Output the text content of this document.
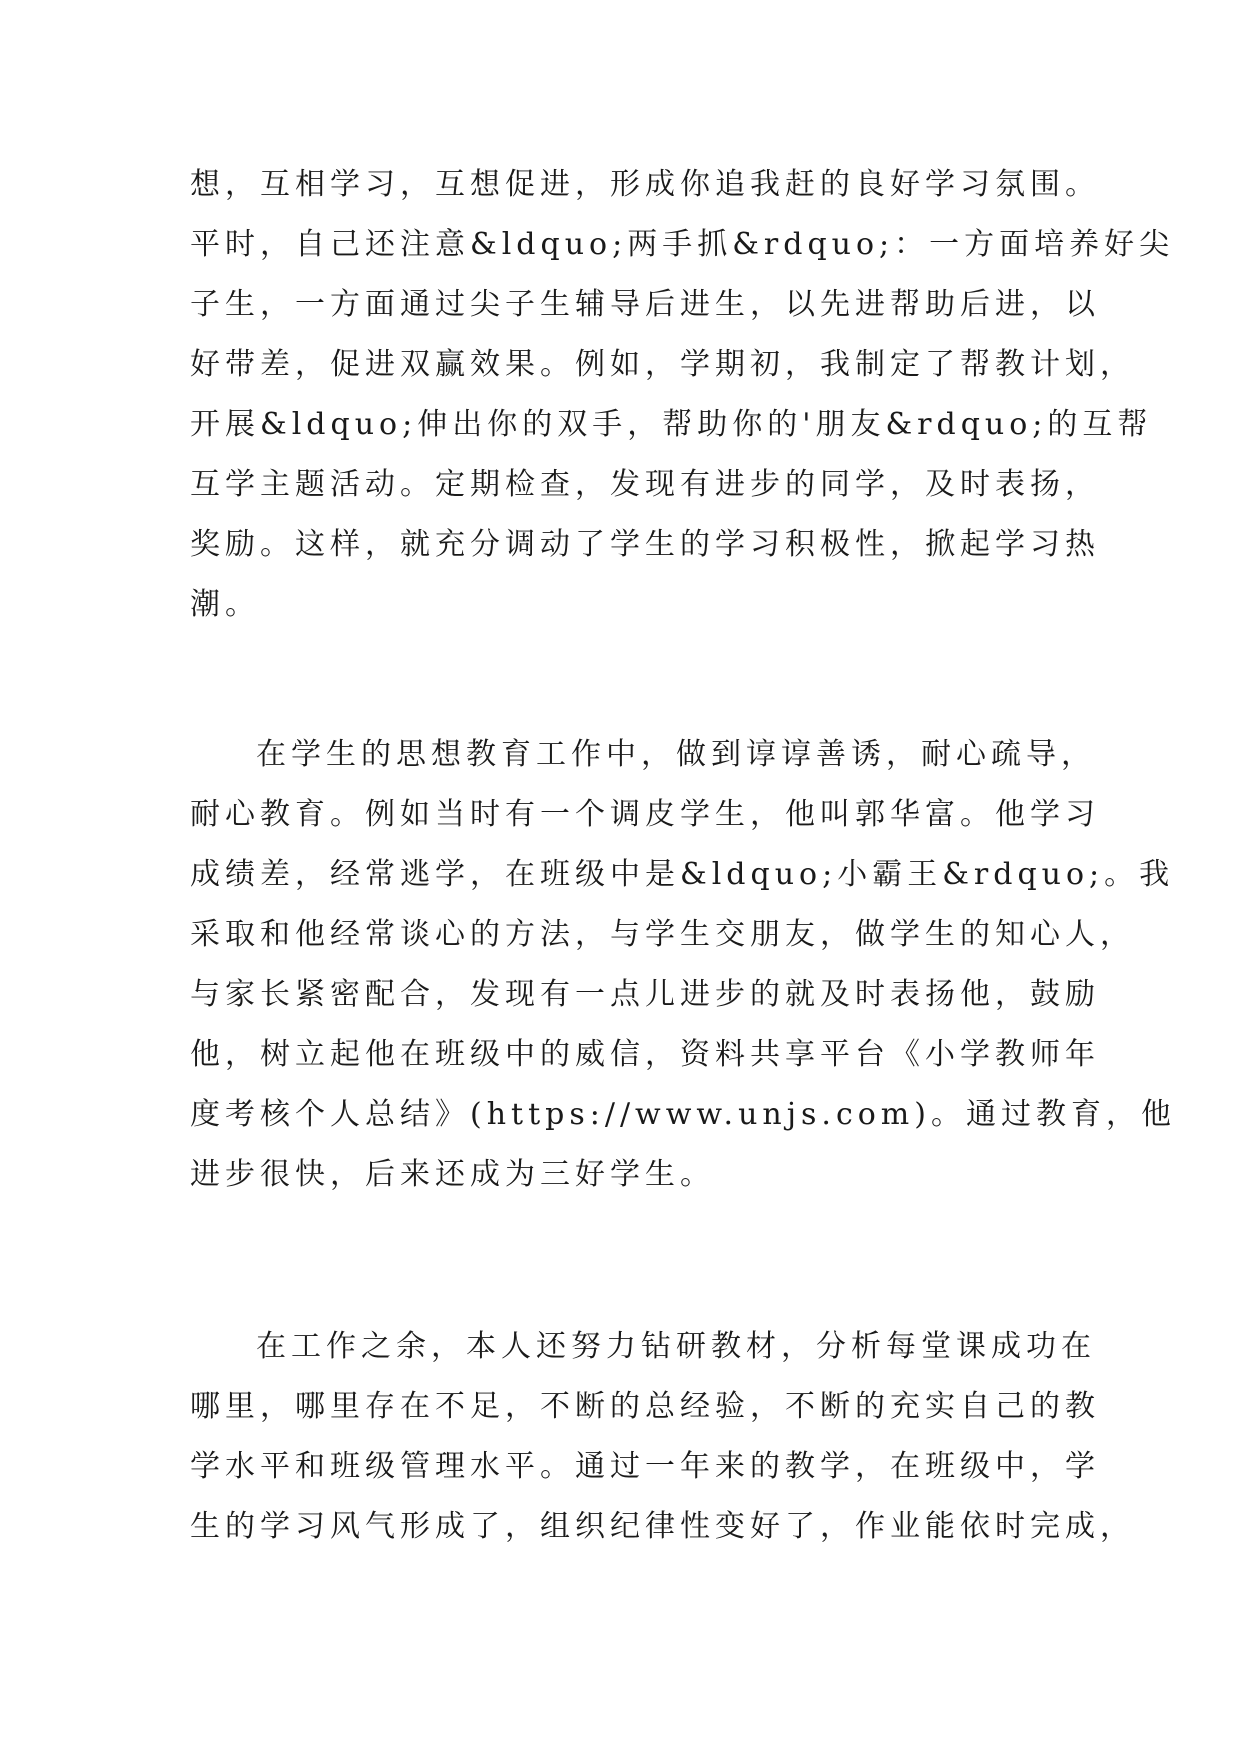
想，互相学习，互想促进，形成你追我赶的良好学习氛围。
平时，自己还注意&ldquo;两手抓&rdquo;：一方面培养好尖
子生，一方面通过尖子生辅导后进生，以先进帮助后进，以
好带差，促进双赢效果。例如，学期初，我制定了帮教计划，
开展&ldquo;伸出你的双手，帮助你的'朋友&rdquo;的互帮
互学主题活动。定期检查，发现有进步的同学，及时表扬，
奖励。这样，就充分调动了学生的学习积极性，掀起学习热
潮。
在学生的思想教育工作中，做到谆谆善诱，耐心疏导，
耐心教育。例如当时有一个调皮学生，他叫郭华富。他学习
成绩差，经常逃学，在班级中是&ldquo;小霸王&rdquo;。我
采取和他经常谈心的方法，与学生交朋友，做学生的知心人，
与家长紧密配合，发现有一点儿进步的就及时表扬他，鼓励
他，树立起他在班级中的威信，资料共享平台《小学教师年
度考核个人总结》(https://www.unjs.com)。通过教育，他
进步很快，后来还成为三好学生。
在工作之余，本人还努力钻研教材，分析每堂课成功在
哪里，哪里存在不足，不断的总经验，不断的充实自己的教
学水平和班级管理水平。通过一年来的教学，在班级中，学
生的学习风气形成了，组织纪律性变好了，作业能依时完成，
